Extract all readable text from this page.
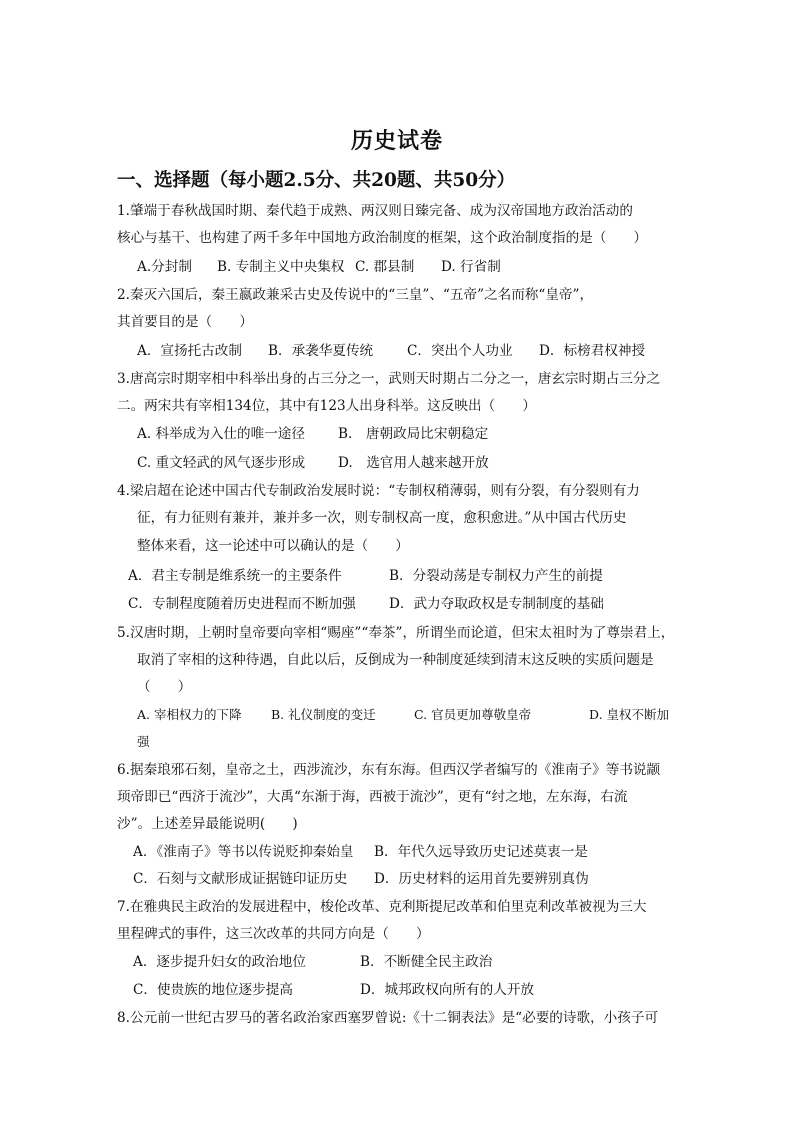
历史试卷
一、选择题（每小题2.5分、共20题、共50分）
1.肇端于春秋战国时期、秦代趋于成熟、两汉则日臻完备、成为汉帝国地方政治活动的
核心与基干、也构建了两千多年中国地方政治制度的框架，这个政治制度指的是（　　）
A.分封制 B. 专制主义中央集权 C. 郡县制 D. 行省制
2.秦灭六国后，秦王嬴政兼采古史及传说中的“三皇”、“五帝”之名而称“皇帝”，
其首要目的是（　　）
A．宣扬托古改制 B．承袭华夏传统 C．突出个人功业 D．标榜君权神授
3.唐高宗时期宰相中科举出身的占三分之一，武则天时期占二分之一，唐玄宗时期占三分之
二。两宋共有宰相134位，其中有123人出身科举。这反映出（　　）
A. 科举成为入仕的唯一途径 B.　唐朝政局比宋朝稳定
C. 重文轻武的风气逐步形成 D.　选官用人越来越开放
4.梁启超在论述中国古代专制政治发展时说：“专制权稍薄弱，则有分裂，有分裂则有力
征，有力征则有兼并，兼并多一次，则专制权高一度，愈积愈进。”从中国古代历史
整体来看，这一论述中可以确认的是（　　）
A．君主专制是维系统一的主要条件	B．分裂动荡是专制权力产生的前提
C．专制程度随着历史进程而不断加强 D．武力夺取政权是专制制度的基础
5.汉唐时期，上朝时皇帝要向宰相“赐座”“奉茶”，所谓坐而论道，但宋太祖时为了尊崇君上，
取消了宰相的这种待遇，自此以后，反倒成为一种制度延续到清末这反映的实质问题是
（　　）
A. 宰相权力的下降 B. 礼仪制度的变迁	C. 官员更加尊敬皇帝	D. 皇权不断加
强
6.据秦琅邪石刻，皇帝之土，西涉流沙，东有东海。但西汉学者编写的《淮南子》等书说颛
顼帝即已“西济于流沙”，大禹“东渐于海，西被于流沙”，更有“纣之地，左东海，右流
沙”。上述差异最能说明(　　)
A．《淮南子》等书以传说贬抑秦始皇 B．年代久远导致历史记述莫衷一是
C．石刻与文献形成证据链印证历史 D．历史材料的运用首先要辨别真伪
7.在雅典民主政治的发展进程中，梭伦改革、克利斯提尼改革和伯里克利改革被视为三大
里程碑式的事件，这三次改革的共同方向是（　　）
A．逐步提升妇女的政治地位	B．不断健全民主政治
C．使贵族的地位逐步提高	D．城邦政权向所有的人开放
8.公元前一世纪古罗马的著名政治家西塞罗曾说:《十二铜表法》是“必要的诗歌，小孩子可
